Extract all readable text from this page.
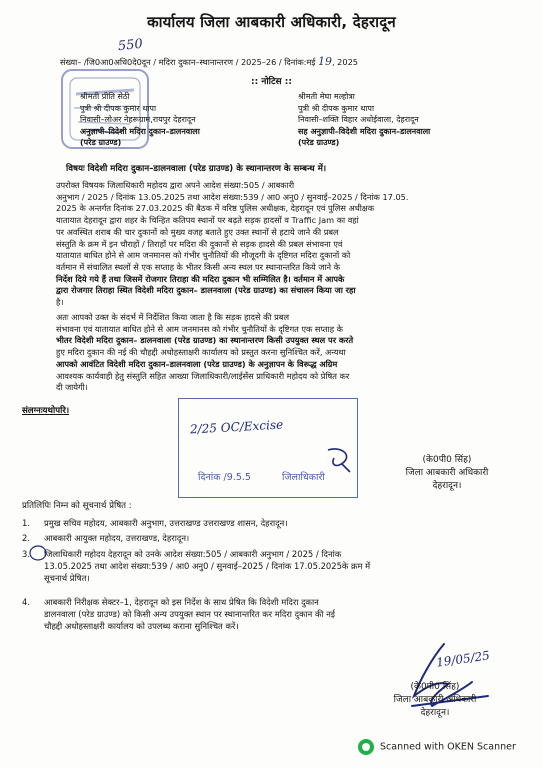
कार्यालय जिला आबकारी अधिकारी, देहरादून
550
संख्या– /जि0आ0अधि0दे0दून / मदिरा दुकान–स्थानान्तरण / 2025–26 / दिनांक:मई 19, 2025
:: नोटिस ::
श्रीमती प्रीति सेठी
पुत्री श्री दीपक कुमार थापा
निवासी–लोअर नेहरूग्राम,रायपुर देहरादून
अनुज्ञापी–विदेशी मदिरा दुकान–डालनवाला
(परेड ग्राउण्ड)
श्रीमती मेघा मल्होत्रा
पुत्री श्री दीपक कुमार थापा
निवासी–शक्ति विहार अधोईवाला, देहरादून
सह अनुज्ञापी–विदेशी मदिरा दुकान–डालनवाला
(परेड ग्राउण्ड)
विषयः विदेशी मदिरा दुकान–डालनवाला (परेड ग्राउण्ड) के स्थानान्तरण के सम्बन्ध में।
उपरोक्त विषयक जिलाधिकारी महोदय द्वारा अपने आदेश संख्या:505 / आबकारी
अनुभाग / 2025 / दिनांक 13.05.2025 तथा आदेश संख्या:539 / आ0 अनु0 / सुनवाई–2025 / दिनांक 17.05.
2025 के अन्तर्गत दिनांक 27.03.2025 की बैठक में वरिष्ठ पुलिस अधीक्षक, देहरादून एवं पुलिस अधीक्षक
यातायात देहरादून द्वारा शहर के चिन्हित कतिपय स्थानों पर बढ़ते सड़क हादसों व Traffic Jam का वहां
पर अवस्थित शराब की चार दुकानों को मुख्य वजह बताते हुए उक्त स्थानों से हटाये जाने की प्रबल
संस्तुति के क्रम में इन चौराहों / तिराहों पर मदिरा की दुकानों से सड़क हादसे की प्रबल संभावना एवं
यातायात बाधित होने से आम जनमानस को गंभीर चुनौतियों की मौजूदगी के दृष्टिगत मदिरा दुकानों को
वर्तमान में संचालित स्थलों से एक सप्ताह के भीतर किसी अन्य स्थल पर स्थानान्तरित किये जाने के
निर्देश दिये गये हैं तथा जिसमें रोजगार तिराहा की मदिरा दुकान भी सम्मिलित है। वर्तमान में आपके
द्वारा रोजगार तिराहा स्थित विदेशी मदिरा दुकान– डालनवाला (परेड ग्राउण्ड) का संचालन किया जा रहा
है।
अतः आपको उक्त के संदर्भ में निर्देशित किया जाता है कि सड़क हादसे की प्रबल
संभावना एवं यातायात बाधित होने से आम जनमानस को गंभीर चुनौतियों के दृष्टिगत एक सप्ताह के
भीतर विदेशी मदिरा दुकान– डालनवाला (परेड ग्राउण्ड) का स्थानान्तरण किसी उपयुक्त स्थल पर करते
हुए मदिरा दुकान की नई की चौहद्दी अधोहस्ताक्षरी कार्यालय को प्रस्तुत करना सुनिश्चित करें, अन्यथा
आपको आवंटित विदेशी मदिरा दुकान–डालनवाला (परेड ग्राउण्ड) के अनुज्ञापन के विरूद्ध अग्रिम
आवश्यक कार्यवाही हेतु संस्तुति सहित आख्या जिलाधिकारी/लाईसेंस प्राधिकारी महोदय को प्रेषित कर
दी जायेगी।
संलग्नःयथोपरि।
2/25 OC/Excise
दिनांक /9.5.5	जिलाधिकारी
(के0पी0 सिंह)
जिला आबकारी अधिकारी
देहरादून।
प्रतिलिपिः निम्न को सूचनार्थ प्रेषित :
1. प्रमुख सचिव महोदय, आबकारी अनुभाग, उत्तराखण्ड उत्तराखण्ड शासन, देहरादून।
2. आबकारी आयुक्त महोदय, उत्तराखण्ड, देहरादून।
3. जिलाधिकारी महोदय देहरादून को उनके आदेश संख्या:505 / आबकारी अनुभाग / 2025 / दिनांक
13.05.2025 तथा आदेश संख्या:539 / आ0 अनु0 / सुनवाई–2025 / दिनांक 17.05.2025के क्रम में
सूचनार्थ प्रेषित।
4. आबकारी निरीक्षक सेक्टर–1, देहरादून को इस निर्देश के साथ प्रेषित कि विदेशी मदिरा दुकान
डालनवाला (परेड ग्राउण्ड) को किसी अन्य उपयुक्त स्थान पर स्थानान्तरित कर मदिरा दुकान की नई
चौहद्दी अधोहस्ताक्षरी कार्यालय को उपलब्ध कराना सुनिश्चित करें।
19/05/25
(के0पी0 सिंह)
जिला आबकारी अधिकारी
देहरादून।
Scanned with OKEN Scanner
